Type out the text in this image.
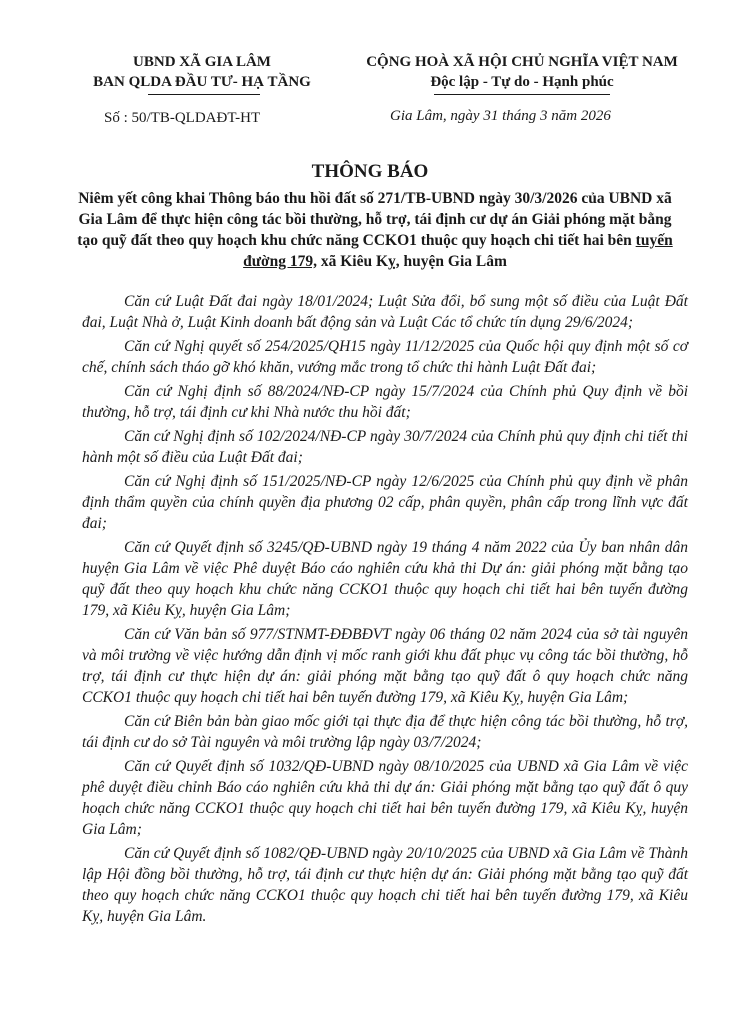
UBND XÃ GIA LÂM
BAN QLDA ĐẦU TƯ- HẠ TẦNG
CỘNG HOÀ XÃ HỘI CHỦ NGHĨA VIỆT NAM
Độc lập - Tự do - Hạnh phúc
Số : 50/TB-QLDAĐT-HT	Gia Lâm, ngày 31 tháng 3 năm 2026
THÔNG BÁO
Niêm yết công khai Thông báo thu hồi đất số 271/TB-UBND ngày 30/3/2026 của UBND xã Gia Lâm để thực hiện công tác bồi thường, hỗ trợ, tái định cư dự án Giải phóng mặt bằng tạo quỹ đất theo quy hoạch khu chức năng CCKO1 thuộc quy hoạch chi tiết hai bên tuyến đường 179, xã Kiêu Kỵ, huyện Gia Lâm

Căn cứ Luật Đất đai ngày 18/01/2024; Luật Sửa đổi, bổ sung một số điều của Luật Đất đai, Luật Nhà ở, Luật Kinh doanh bất động sản và Luật Các tổ chức tín dụng 29/6/2024;

Căn cứ Nghị quyết số 254/2025/QH15 ngày 11/12/2025 của Quốc hội quy định một số cơ chế, chính sách tháo gỡ khó khăn, vướng mắc trong tổ chức thi hành Luật Đất đai;

Căn cứ Nghị định số 88/2024/NĐ-CP ngày 15/7/2024 của Chính phủ Quy định về bồi thường, hỗ trợ, tái định cư khi Nhà nước thu hồi đất;

Căn cứ Nghị định số 102/2024/NĐ-CP ngày 30/7/2024 của Chính phủ quy định chi tiết thi hành một số điều của Luật Đất đai;

Căn cứ Nghị định số 151/2025/NĐ-CP ngày 12/6/2025 của Chính phủ quy định về phân định thẩm quyền của chính quyền địa phương 02 cấp, phân quyền, phân cấp trong lĩnh vực đất đai;

Căn cứ Quyết định số 3245/QĐ-UBND ngày 19 tháng 4 năm 2022 của Ủy ban nhân dân huyện Gia Lâm về việc Phê duyệt Báo cáo nghiên cứu khả thi Dự án: giải phóng mặt bằng tạo quỹ đất theo quy hoạch khu chức năng CCKO1 thuộc quy hoạch chi tiết hai bên tuyến đường 179, xã Kiêu Kỵ, huyện Gia Lâm;

Căn cứ Văn bản số 977/STNMT-ĐĐBĐVT ngày 06 tháng 02 năm 2024 của sở tài nguyên và môi trường về việc hướng dẫn định vị mốc ranh giới khu đất phục vụ công tác bồi thường, hỗ trợ, tái định cư thực hiện dự án: giải phóng mặt bằng tạo quỹ đất ô quy hoạch chức năng CCKO1 thuộc quy hoạch chi tiết hai bên tuyến đường 179, xã Kiêu Kỵ, huyện Gia Lâm;

Căn cứ Biên bản bàn giao mốc giới tại thực địa để thực hiện công tác bồi thường, hỗ trợ, tái định cư do sở Tài nguyên và môi trường lập ngày 03/7/2024;

Căn cứ Quyết định số 1032/QĐ-UBND ngày 08/10/2025 của UBND xã Gia Lâm về việc phê duyệt điều chỉnh Báo cáo nghiên cứu khả thi dự án: Giải phóng mặt bằng tạo quỹ đất ô quy hoạch chức năng CCKO1 thuộc quy hoạch chi tiết hai bên tuyến đường 179, xã Kiêu Kỵ, huyện Gia Lâm;

Căn cứ Quyết định số 1082/QĐ-UBND ngày 20/10/2025 của UBND xã Gia Lâm về Thành lập Hội đồng bồi thường, hỗ trợ, tái định cư thực hiện dự án: Giải phóng mặt bằng tạo quỹ đất theo quy hoạch chức năng CCKO1 thuộc quy hoạch chi tiết hai bên tuyến đường 179, xã Kiêu Kỵ, huyện Gia Lâm.
